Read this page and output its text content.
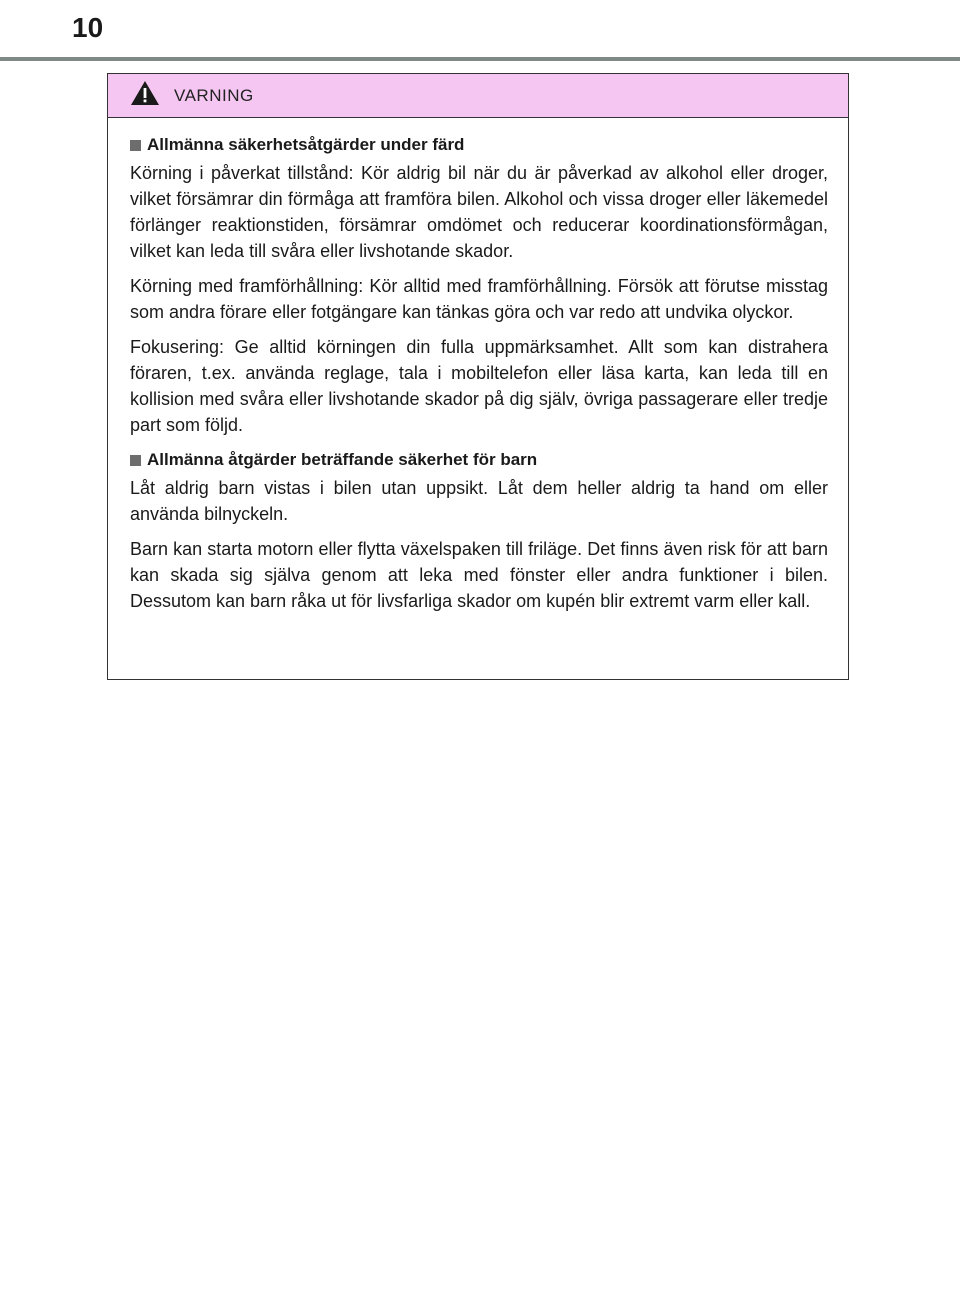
10
VARNING
Allmänna säkerhetsåtgärder under färd

Körning i påverkat tillstånd: Kör aldrig bil när du är påverkad av alkohol eller droger, vilket försämrar din förmåga att framföra bilen. Alkohol och vissa droger eller läkemedel förlänger reaktionstiden, försämrar omdömet och reducerar koordinationsförmågan, vilket kan leda till svåra eller livshotande skador.

Körning med framförhållning: Kör alltid med framförhållning. Försök att förutse misstag som andra förare eller fotgängare kan tänkas göra och var redo att undvika olyckor.

Fokusering: Ge alltid körningen din fulla uppmärksamhet. Allt som kan distrahera föraren, t.ex. använda reglage, tala i mobiltelefon eller läsa karta, kan leda till en kollision med svåra eller livshotande skador på dig själv, övriga passagerare eller tredje part som följd.

Allmänna åtgärder beträffande säkerhet för barn

Låt aldrig barn vistas i bilen utan uppsikt. Låt dem heller aldrig ta hand om eller använda bilnyckeln.

Barn kan starta motorn eller flytta växelspaken till friläge. Det finns även risk för att barn kan skada sig själva genom att leka med fönster eller andra funktioner i bilen. Dessutom kan barn råka ut för livsfarliga skador om kupén blir extremt varm eller kall.
